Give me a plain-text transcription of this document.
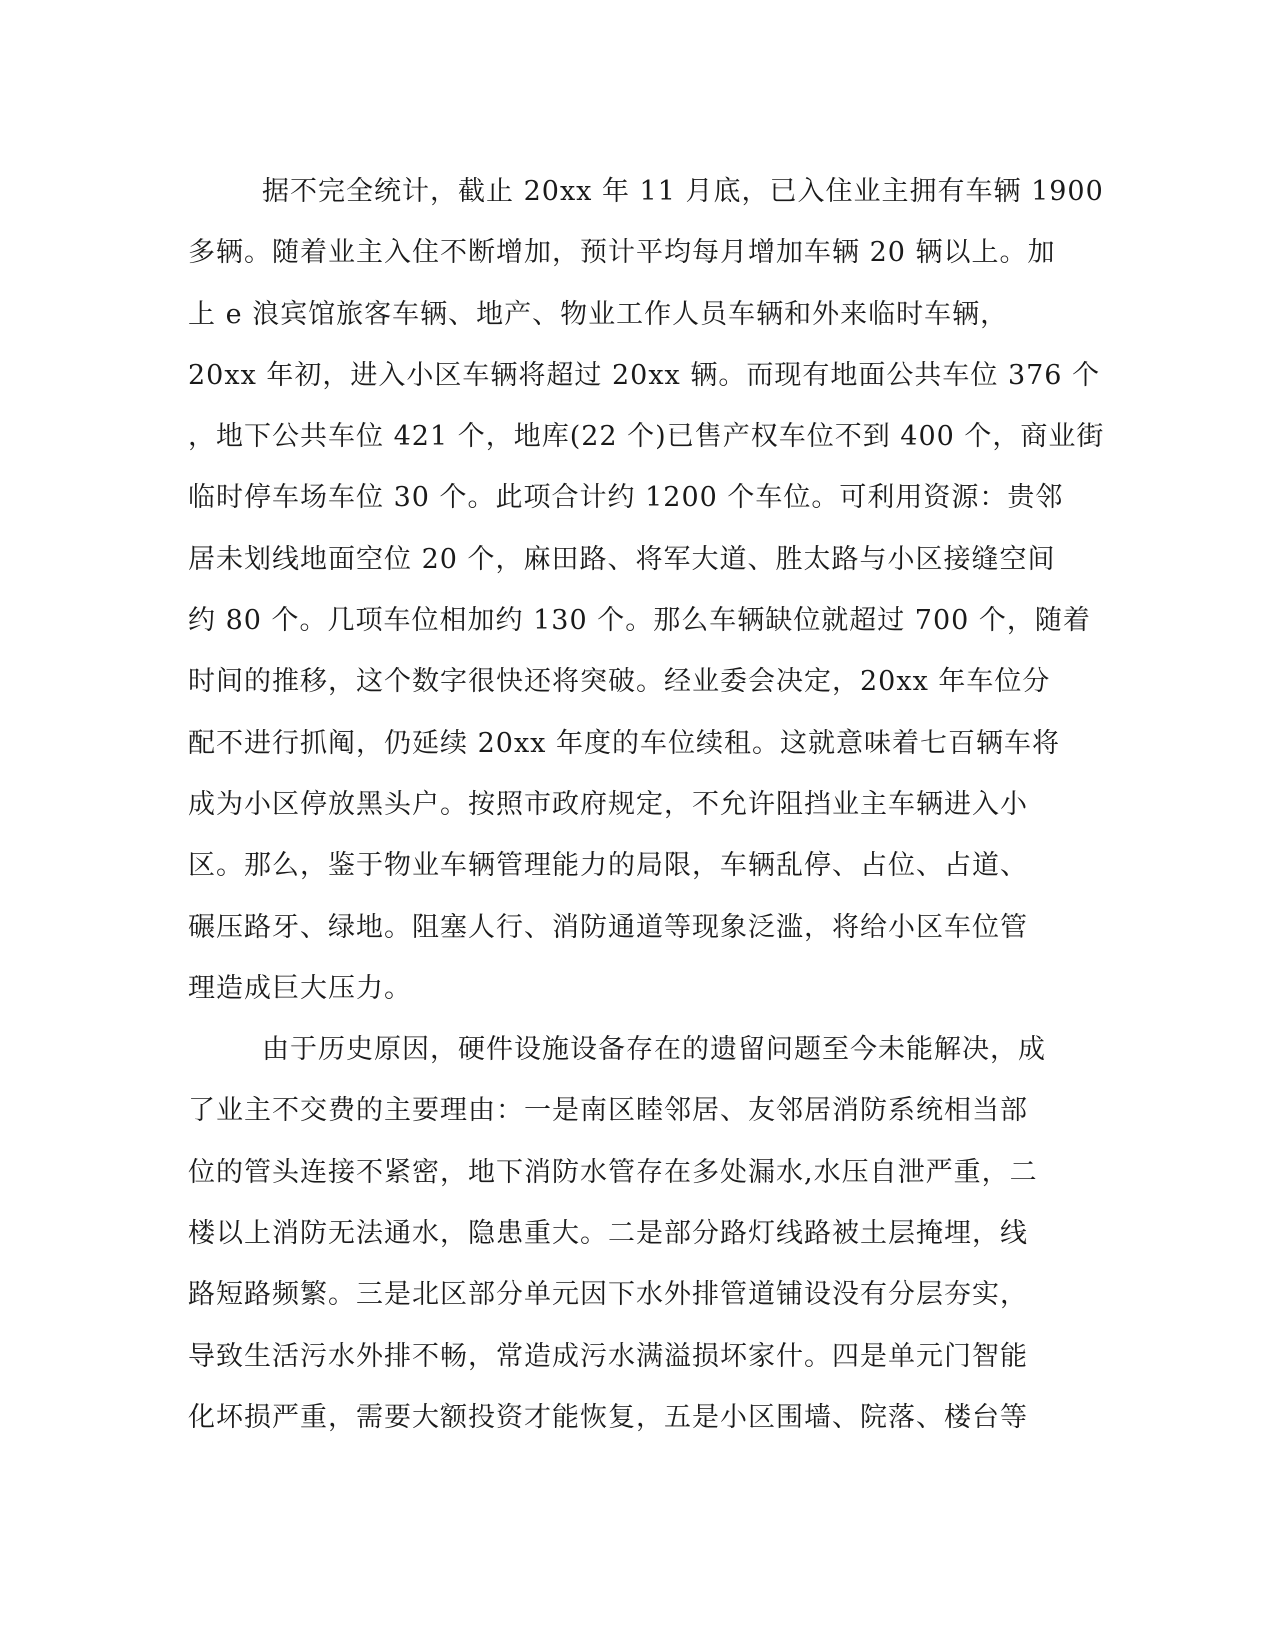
据不完全统计，截止 20xx 年 11 月底，已入住业主拥有车辆 1900
多辆。随着业主入住不断增加，预计平均每月增加车辆 20 辆以上。加
上 e 浪宾馆旅客车辆、地产、物业工作人员车辆和外来临时车辆，
20xx 年初，进入小区车辆将超过 20xx 辆。而现有地面公共车位 376 个
，地下公共车位 421 个，地库(22 个)已售产权车位不到 400 个，商业街
临时停车场车位 30 个。此项合计约 1200 个车位。可利用资源：贵邻
居未划线地面空位 20 个，麻田路、将军大道、胜太路与小区接缝空间
约 80 个。几项车位相加约 130 个。那么车辆缺位就超过 700 个，随着
时间的推移，这个数字很快还将突破。经业委会决定，20xx 年车位分
配不进行抓阄，仍延续 20xx 年度的车位续租。这就意味着七百辆车将
成为小区停放黑头户。按照市政府规定，不允许阻挡业主车辆进入小
区。那么，鉴于物业车辆管理能力的局限，车辆乱停、占位、占道、
碾压路牙、绿地。阻塞人行、消防通道等现象泛滥，将给小区车位管
理造成巨大压力。
由于历史原因，硬件设施设备存在的遗留问题至今未能解决，成
了业主不交费的主要理由：一是南区睦邻居、友邻居消防系统相当部
位的管头连接不紧密，地下消防水管存在多处漏水,水压自泄严重，二
楼以上消防无法通水，隐患重大。二是部分路灯线路被土层掩埋，线
路短路频繁。三是北区部分单元因下水外排管道铺设没有分层夯实，
导致生活污水外排不畅，常造成污水满溢损坏家什。四是单元门智能
化坏损严重，需要大额投资才能恢复，五是小区围墙、院落、楼台等
